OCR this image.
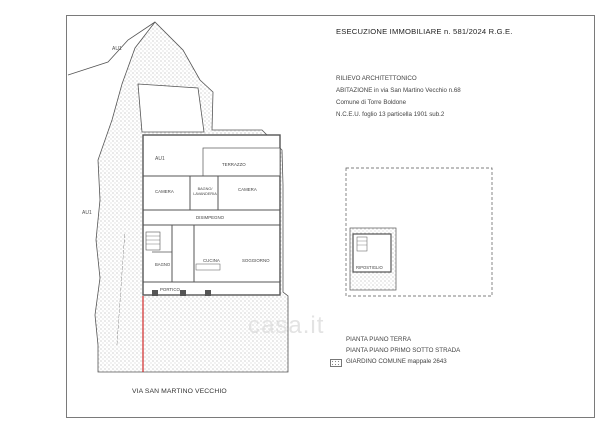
— — — — — — — — — — — — — — — — — — — — —
AU1
AU1
AU1
TERRAZZO
CAMERA	BAGNO/ LAVANDERIA
CAMERA
DISIMPEGNO
BAGNO
CUCINA	SOGGIORNO
PORTICO
RIPOSTIGLIO
casa.it
ESECUZIONE IMMOBILIARE n. 581/2024 R.G.E.
RILIEVO ARCHITETTONICO
ABITAZIONE in via San Martino Vecchio n.68
Comune di Torre Boldone
N.C.E.U. foglio 13 particella 1901 sub.2
PIANTA PIANO TERRA
PIANTA PIANO PRIMO SOTTO STRADA
GIARDINO COMUNE mappale 2643
VIA SAN MARTINO VECCHIO
